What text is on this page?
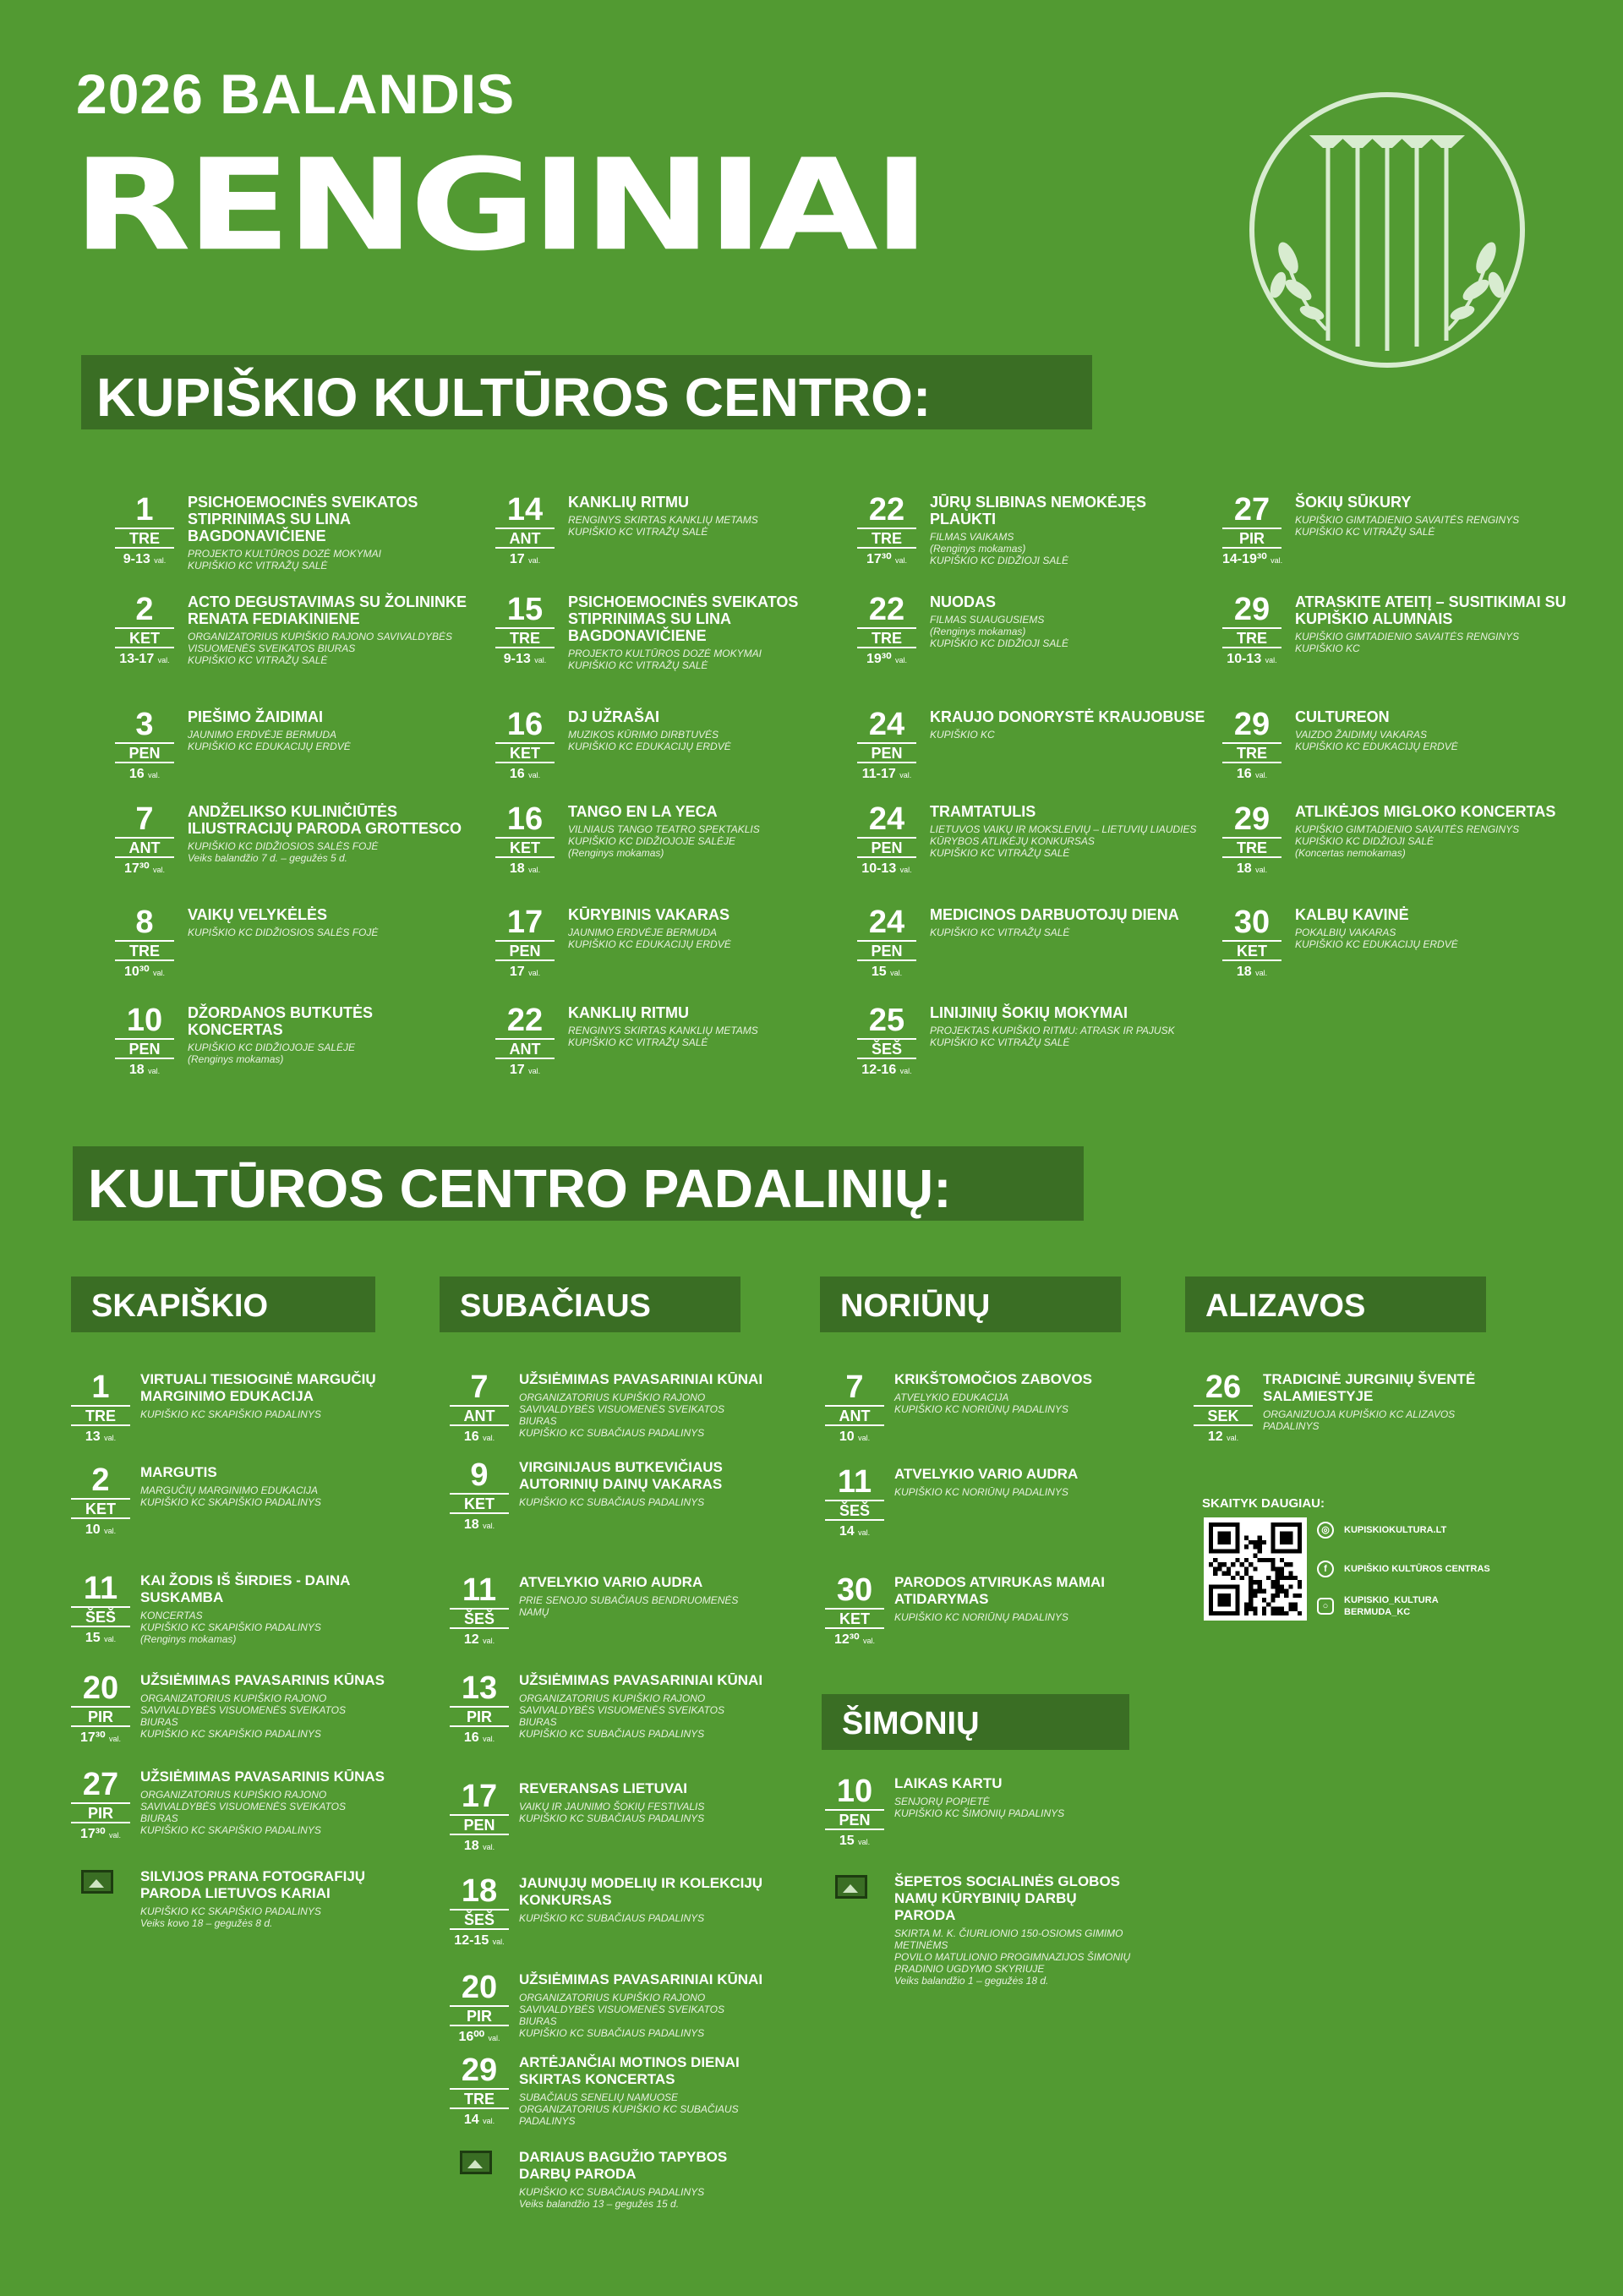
2026 BALANDIS
RENGINIAI
KUPIŠKIO KULTŪROS CENTRO:
KULTŪROS CENTRO PADALINIŲ:
1
TRE
9-13 val.
PSICHOEMOCINĖS SVEIKATOS STIPRINIMAS SU LINA BAGDONAVIČIENE
PROJEKTO KULTŪROS DOZĖ MOKYMAI
KUPIŠKIO KC VITRAŽŲ SALĖ
2
KET
13-17 val.
ACTO DEGUSTAVIMAS SU ŽOLININKE RENATA FEDIAKINIENE
ORGANIZATORIUS KUPIŠKIO RAJONO SAVIVALDYBĖS VISUOMENĖS SVEIKATOS BIURAS
KUPIŠKIO KC VITRAŽŲ SALĖ
3
PEN
16 val.
PIEŠIMO ŽAIDIMAI
JAUNIMO ERDVĖJE BERMUDA
KUPIŠKIO KC EDUKACIJŲ ERDVĖ
7
ANT
17³⁰ val.
ANDŽELIKSO KULINIČIŪTĖS ILIUSTRACIJŲ PARODA GROTTESCO
KUPIŠKIO KC DIDŽIOSIOS SALĖS FOJĖ
Veiks balandžio 7 d. – gegužės 5 d.
8
TRE
10³⁰ val.
VAIKŲ VELYKĖLĖS
KUPIŠKIO KC DIDŽIOSIOS SALĖS FOJĖ
10
PEN
18 val.
DŽORDANOS BUTKUTĖS KONCERTAS
KUPIŠKIO KC DIDŽIOJOJE SALĖJE
(Renginys mokamas)
14
ANT
17 val.
KANKLIŲ RITMU
RENGINYS SKIRTAS KANKLIŲ METAMS
KUPIŠKIO KC VITRAŽŲ SALĖ
15
TRE
9-13 val.
PSICHOEMOCINĖS SVEIKATOS STIPRINIMAS SU LINA BAGDONAVIČIENE
PROJEKTO KULTŪROS DOZĖ MOKYMAI
KUPIŠKIO KC VITRAŽŲ SALĖ
16
KET
16 val.
DJ UŽRAŠAI
MUZIKOS KŪRIMO DIRBTUVĖS
KUPIŠKIO KC EDUKACIJŲ ERDVĖ
16
KET
18 val.
TANGO EN LA YECA
VILNIAUS TANGO TEATRO SPEKTAKLIS
KUPIŠKIO KC DIDŽIOJOJE SALĖJE
(Renginys mokamas)
17
PEN
17 val.
KŪRYBINIS VAKARAS
JAUNIMO ERDVĖJE BERMUDA
KUPIŠKIO KC EDUKACIJŲ ERDVĖ
22
ANT
17 val.
KANKLIŲ RITMU
RENGINYS SKIRTAS KANKLIŲ METAMS
KUPIŠKIO KC VITRAŽŲ SALĖ
22
TRE
17³⁰ val.
JŪRŲ SLIBINAS NEMOKĖJĘS PLAUKTI
FILMAS VAIKAMS
(Renginys mokamas)
KUPIŠKIO KC DIDŽIOJI SALĖ
22
TRE
19³⁰ val.
NUODAS
FILMAS SUAUGUSIEMS
(Renginys mokamas)
KUPIŠKIO KC DIDŽIOJI SALĖ
24
PEN
11-17 val.
KRAUJO DONORYSTĖ KRAUJOBUSE
KUPIŠKIO KC
24
PEN
10-13 val.
TRAMTATULIS
LIETUVOS VAIKŲ IR MOKSLEIVIŲ – LIETUVIŲ LIAUDIES KŪRYBOS ATLIKĖJŲ KONKURSAS
KUPIŠKIO KC VITRAŽŲ SALĖ
24
PEN
15 val.
MEDICINOS DARBUOTOJŲ DIENA
KUPIŠKIO KC VITRAŽŲ SALĖ
25
ŠEŠ
12-16 val.
LINIJINIŲ ŠOKIŲ MOKYMAI
PROJEKTAS KUPIŠKIO RITMU: ATRASK IR PAJUSK
KUPIŠKIO KC VITRAŽŲ SALĖ
27
PIR
14-19³⁰ val.
ŠOKIŲ SŪKURY
KUPIŠKIO GIMTADIENIO SAVAITĖS RENGINYS
KUPIŠKIO KC VITRAŽŲ SALĖ
29
TRE
10-13 val.
ATRASKITE ATEITĮ – SUSITIKIMAI SU KUPIŠKIO ALUMNAIS
KUPIŠKIO GIMTADIENIO SAVAITĖS RENGINYS
KUPIŠKIO KC
29
TRE
16 val.
CULTUREON
VAIZDO ŽAIDIMŲ VAKARAS
KUPIŠKIO KC EDUKACIJŲ ERDVĖ
29
TRE
18 val.
ATLIKĖJOS MIGLOKO KONCERTAS
KUPIŠKIO GIMTADIENIO SAVAITĖS RENGINYS
KUPIŠKIO KC DIDŽIOJI SALĖ
(Koncertas nemokamas)
30
KET
18 val.
KALBŲ KAVINĖ
POKALBIŲ VAKARAS
KUPIŠKIO KC EDUKACIJŲ ERDVĖ
SKAPIŠKIO	SUBAČIAUS	NORIŪNŲ	ALIZAVOS
ŠIMONIŲ
1
TRE
13 val.
VIRTUALI TIESIOGINĖ MARGUČIŲ MARGINIMO EDUKACIJA
KUPIŠKIO KC SKAPIŠKIO PADALINYS
2
KET
10 val.
MARGUTIS
MARGUČIŲ MARGINIMO EDUKACIJA
KUPIŠKIO KC SKAPIŠKIO PADALINYS
11
ŠEŠ
15 val.
KAI ŽODIS IŠ ŠIRDIES - DAINA SUSKAMBA
KONCERTAS
KUPIŠKIO KC SKAPIŠKIO PADALINYS
(Renginys mokamas)
20
PIR
17³⁰ val.
UŽSIĖMIMAS PAVASARINIS KŪNAS
ORGANIZATORIUS KUPIŠKIO RAJONO SAVIVALDYBĖS VISUOMENĖS SVEIKATOS BIURAS
KUPIŠKIO KC SKAPIŠKIO PADALINYS
27
PIR
17³⁰ val.
UŽSIĖMIMAS PAVASARINIS KŪNAS
ORGANIZATORIUS KUPIŠKIO RAJONO SAVIVALDYBĖS VISUOMENĖS SVEIKATOS BIURAS
KUPIŠKIO KC SKAPIŠKIO PADALINYS
SILVIJOS PRANA FOTOGRAFIJŲ PARODA LIETUVOS KARIAI
KUPIŠKIO KC SKAPIŠKIO PADALINYS
Veiks kovo 18 – gegužės 8 d.
7
ANT
16 val.
UŽSIĖMIMAS PAVASARINIAI KŪNAI
ORGANIZATORIUS KUPIŠKIO RAJONO SAVIVALDYBĖS VISUOMENĖS SVEIKATOS BIURAS
KUPIŠKIO KC SUBAČIAUS PADALINYS
9
KET
18 val.
VIRGINIJAUS BUTKEVIČIAUS AUTORINIŲ DAINŲ VAKARAS
KUPIŠKIO KC SUBAČIAUS PADALINYS
11
ŠEŠ
12 val.
ATVELYKIO VARIO AUDRA
PRIE SENOJO SUBAČIAUS BENDRUOMENĖS NAMŲ
13
PIR
16 val.
UŽSIĖMIMAS PAVASARINIAI KŪNAI
ORGANIZATORIUS KUPIŠKIO RAJONO SAVIVALDYBĖS VISUOMENĖS SVEIKATOS BIURAS
KUPIŠKIO KC SUBAČIAUS PADALINYS
17
PEN
18 val.
REVERANSAS LIETUVAI
VAIKŲ IR JAUNIMO ŠOKIŲ FESTIVALIS
KUPIŠKIO KC SUBAČIAUS PADALINYS
18
ŠEŠ
12-15 val.
JAUNŲJŲ MODELIŲ IR KOLEKCIJŲ KONKURSAS
KUPIŠKIO KC SUBAČIAUS PADALINYS
20
PIR
16⁰⁰ val.
UŽSIĖMIMAS PAVASARINIAI KŪNAI
ORGANIZATORIUS KUPIŠKIO RAJONO SAVIVALDYBĖS VISUOMENĖS SVEIKATOS BIURAS
KUPIŠKIO KC SUBAČIAUS PADALINYS
29
TRE
14 val.
ARTĖJANČIAI MOTINOS DIENAI SKIRTAS KONCERTAS
SUBAČIAUS SENELIŲ NAMUOSE
ORGANIZATORIUS KUPIŠKIO KC SUBAČIAUS PADALINYS
DARIAUS BAGUŽIO TAPYBOS DARBŲ PARODA
KUPIŠKIO KC SUBAČIAUS PADALINYS
Veiks balandžio 13 – gegužės 15 d.
7
ANT
10 val.
KRIKŠTOMOČIOS ZABOVOS
ATVELYKIO EDUKACIJA
KUPIŠKIO KC NORIŪNŲ PADALINYS
11
ŠEŠ
14 val.
ATVELYKIO VARIO AUDRA
KUPIŠKIO KC NORIŪNŲ PADALINYS
30
KET
12³⁰ val.
PARODOS ATVIRUKAS MAMAI ATIDARYMAS
KUPIŠKIO KC NORIŪNŲ PADALINYS
10
PEN
15 val.
LAIKAS KARTU
SENJORŲ POPIETĖ
KUPIŠKIO KC ŠIMONIŲ PADALINYS
ŠEPETOS SOCIALINĖS GLOBOS NAMŲ KŪRYBINIŲ DARBŲ PARODA
SKIRTA M. K. ČIURLIONIO 150-OSIOMS GIMIMO METINĖMS
POVILO MATULIONIO PROGIMNAZIJOS ŠIMONIŲ PRADINIO UGDYMO SKYRIUJE
Veiks balandžio 1 – gegužės 18 d.
26
SEK
12 val.
TRADICINĖ JURGINIŲ ŠVENTĖ SALAMIESTYJE
ORGANIZUOJA KUPIŠKIO KC ALIZAVOS PADALINYS
SKAITYK DAUGIAU:
◎ KUPISKIOKULTURA.LT
f KUPIŠKIO KULTŪROS CENTRAS
○KUPISKIO_KULTURA
BERMUDA_KC
